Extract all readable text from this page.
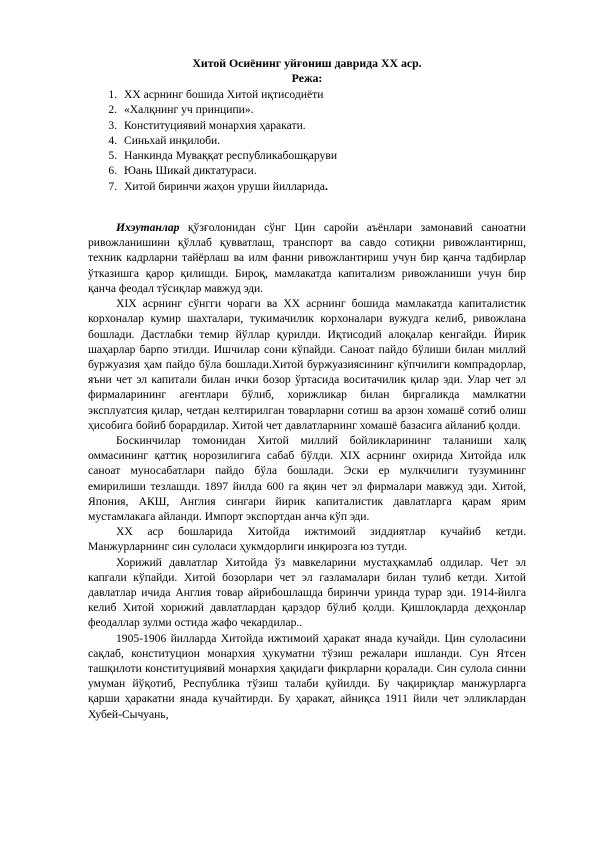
Хитой Осиёнинг уйғониш даврида XX аср.

Режа:

1. XX асрнинг бошида Хитой иқтисодиёти
2. «Халқнинг уч принципи».
3. Конституциявий монархия ҳаракати.
4. Синьхай инқилоби.
5. Нанкинда Муваққат республикабошқаруви
6. Юань Шикай диктатураси.
7. Хитой биринчи жаҳон уруши йилларида.

Ихэутанлар қўзғолонидан сўнг Цин саройи аъёнлари замонавий саноатни ривожланишини қўллаб қувватлаш, транспорт ва савдо сотиқни ривожлантириш, техник кадрларни тайёрлаш ва илм фанни ривожлантириш учун бир қанча тадбирлар ўтказишга қарор қилишди. Бироқ, мамлакатда капитализм ривожланиши учун бир қанча феодал тўсиқлар мавжуд эди.

XIX асрнинг сўнгги чораги ва XX асрнинг бошида мамлакатда капиталистик корхоналар кумир шахталари, тукимачилик корхоналари вужудга келиб, ривожлана бошлади. Дастлабки темир йўллар қурилди. Иқтисодий алоқалар кенгайди. Йирик шаҳарлар барпо этилди. Ишчилар сони кўпайди. Саноат пайдо бўлиши билан миллий буржуазия ҳам пайдо бўла бошлади.Хитой буржуазиясининг кўпчилиги компрадорлар, яъни чет эл капитали билан ички бозор ўртасида воситачилик қилар эди. Улар чет эл фирмаларининг агентлари бўлиб, хорижликар билан биргаликда мамлкатни эксплуатсия қилар, четдан келтирилган товарларни сотиш ва арзон хомашё сотиб олиш ҳисобига бойиб борардилар. Хитой чет давлатларнинг хомашё базасига айланиб қолди.

Боскинчилар томонидан Хитой миллий бойликларининг таланиши халқ оммасининг қаттиқ норозилигига сабаб бўлди. XIX асрнинг охирида Хитойда илк саноат муносабатлари пайдо бўла бошлади. Эски ер мулкчилиги тузумининг емирилиши тезлашди. 1897 йилда 600 га яқин чет эл фирмалари мавжуд эди. Хитой, Япония, АКШ, Англия сингари йирик капиталистик давлатларга қарам ярим мустамлакага айланди. Импорт экспортдан анча кўп эди.

XX аср бошларида Хитойда ижтимоий зиддиятлар кучайиб кетди. Манжурларнинг син сулоласи ҳукмдорлиги инқирозга юз тутди.

Хорижий давлатлар Хитойда ўз мавкеларини мустаҳкамлаб олдилар. Чет эл капгали кўпайди. Хитой бозорлари чет эл газламалари билан тулиб кетди. Хитой давлатлар ичида Англия товар айрибошлашда биринчи уринда турар эди. 1914-йилга келиб Хитой хорижий давлатлардан қарздор бўлиб қолди. Қишлоқларда деҳқонлар феодаллар зулми остида жафо чекардилар..

1905-1906 йилларда Хитойда ижтимоий ҳаракат янада кучайди. Цин сулоласини сақлаб, конституцион монархия ҳукуматни тўзиш режалари ишланди. Сун Ятсен ташқилоти конституциявий монархия ҳақидаги фикрларни қоралади. Син сулола синни умуман йўқотиб, Республика тўзиш талаби қуйилди. Бу чақириқлар манжурларга қарши ҳаракатни янада кучайтирди. Бу ҳаракат, айниқса 1911 йили чет элликлардан Хубей-Сычуань,
